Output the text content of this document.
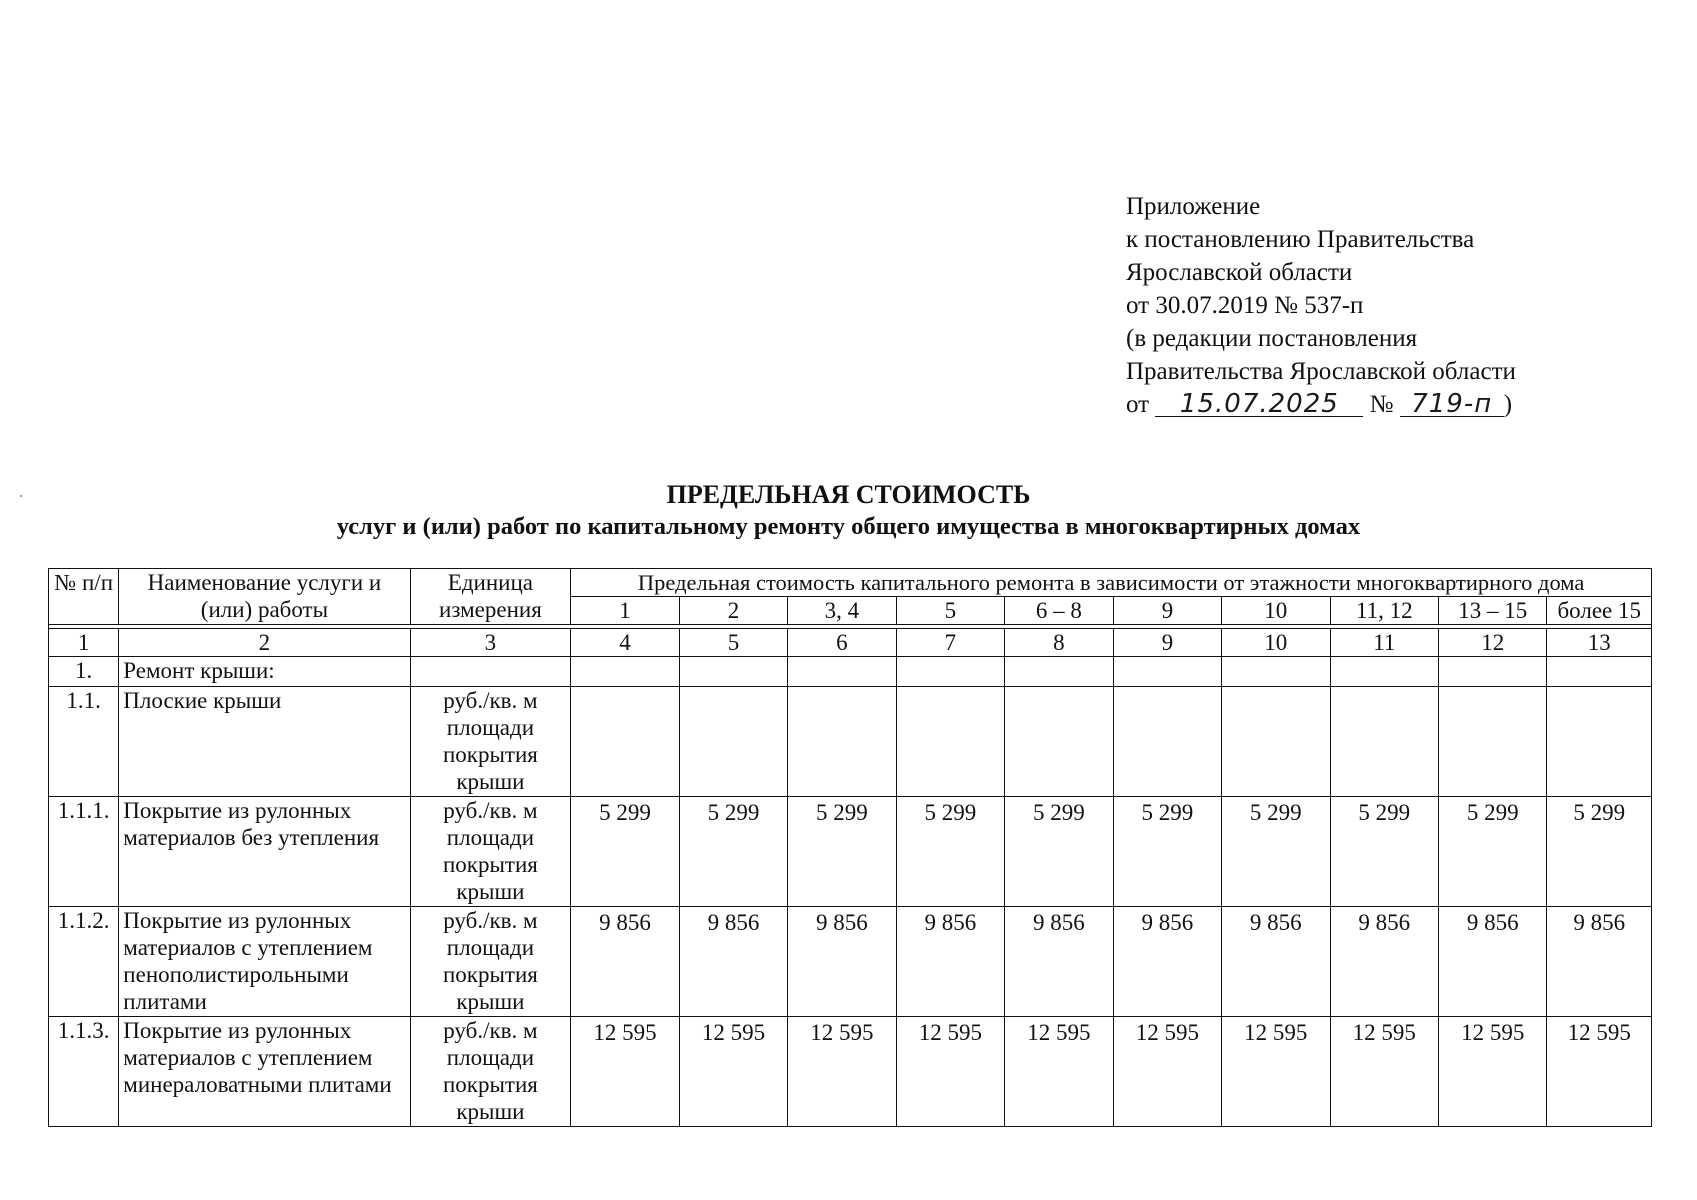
Приложение
к постановлению Правительства
Ярославской области
от 30.07.2019 № 537-п
(в редакции постановления
Правительства Ярославской области
от 15.07.2025 № 719-п )
ПРЕДЕЛЬНАЯ СТОИМОСТЬ
услуг и (или) работ по капитальному ремонту общего имущества в многоквартирных домах
№ п/п	Наименование услуги и (или) работы	Единица измерения	Предельная стоимость капитального ремонта в зависимости от этажности многоквартирного дома									
			1	2	3, 4	5	6 – 8	9	10	11, 12	13 – 15	более 15

1	2	3	4	5	6	7	8	9	10	11	12	13
1.	Ремонт крыши:											
1.1.	Плоские крыши	руб./кв. м площади покрытия крыши										
1.1.1.	Покрытие из рулонных материалов без утепления	руб./кв. м площади покрытия крыши	5 299	5 299	5 299	5 299	5 299	5 299	5 299	5 299	5 299	5 299
1.1.2.	Покрытие из рулонных материалов с утеплением пенополистирольными плитами	руб./кв. м площади покрытия крыши	9 856	9 856	9 856	9 856	9 856	9 856	9 856	9 856	9 856	9 856
1.1.3.	Покрытие из рулонных материалов с утеплением минераловатными плитами	руб./кв. м площади покрытия крыши	12 595	12 595	12 595	12 595	12 595	12 595	12 595	12 595	12 595	12 595
